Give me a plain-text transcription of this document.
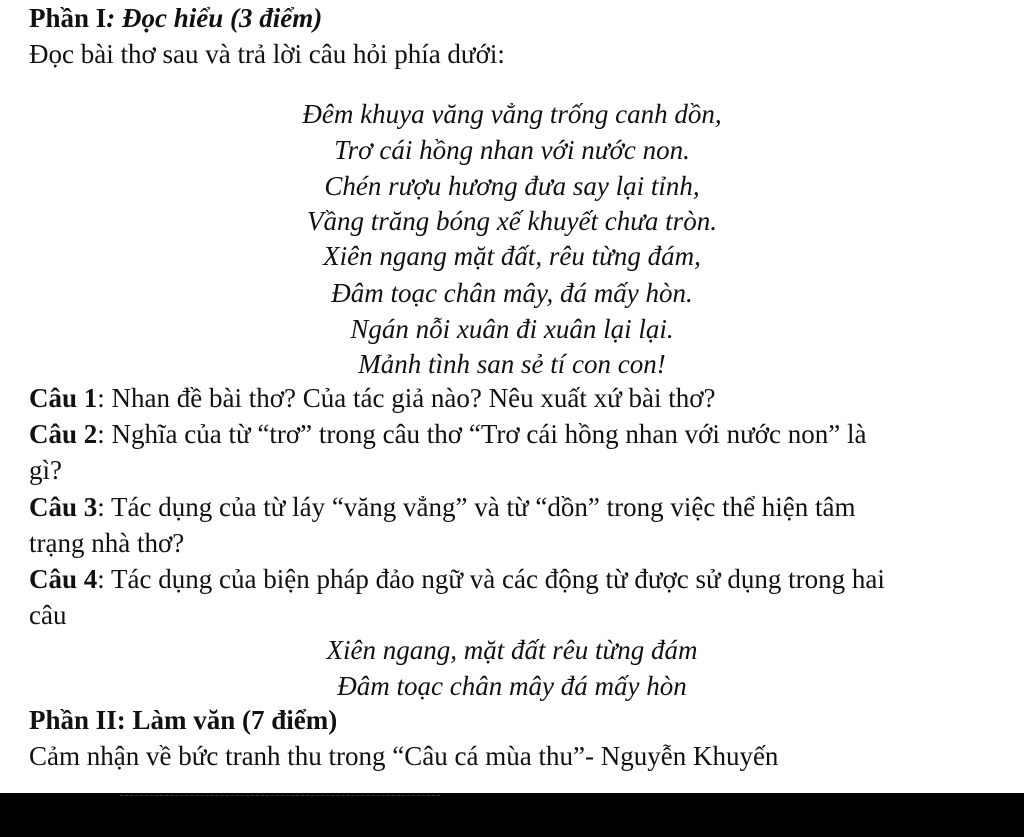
Phần I: Đọc hiểu (3 điểm)
Đọc bài thơ sau và trả lời câu hỏi phía dưới:
Đêm khuya văng vẳng trống canh dồn,
Trơ cái hồng nhan với nước non.
Chén rượu hương đưa say lại tỉnh,
Vầng trăng bóng xế khuyết chưa tròn.
Xiên ngang mặt đất, rêu từng đám,
Đâm toạc chân mây, đá mấy hòn.
Ngán nỗi xuân đi xuân lại lại.
Mảnh tình san sẻ tí con con!
Câu 1: Nhan đề bài thơ? Của tác giả nào? Nêu xuất xứ bài thơ?
Câu 2: Nghĩa của từ “trơ” trong câu thơ “Trơ cái hồng nhan với nước non” là
gì?
Câu 3: Tác dụng của từ láy “văng vẳng” và từ “dồn” trong việc thể hiện tâm
trạng nhà thơ?
Câu 4: Tác dụng của biện pháp đảo ngữ và các động từ được sử dụng trong hai
câu
Xiên ngang, mặt đất rêu từng đám
Đâm toạc chân mây đá mấy hòn
Phần II: Làm văn (7 điểm)
Cảm nhận về bức tranh thu trong “Câu cá mùa thu”- Nguyễn Khuyến
